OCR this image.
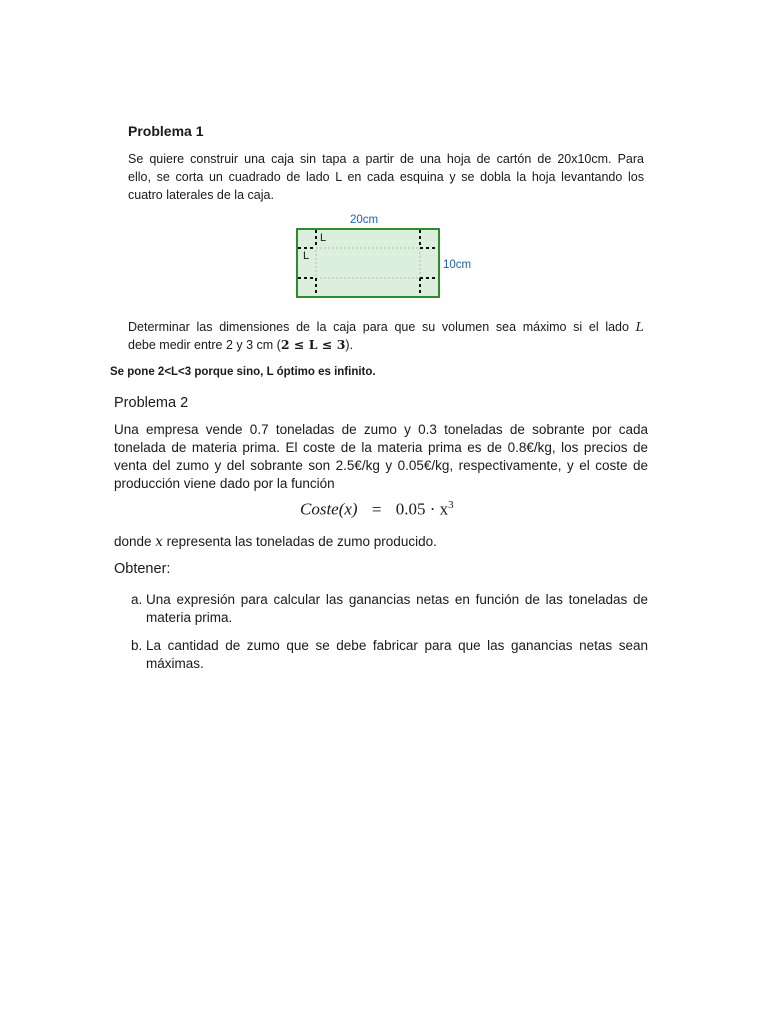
Problema 1
Se quiere construir una caja sin tapa a partir de una hoja de cartón de 20x10cm. Para
ello, se corta un cuadrado de lado L en cada esquina y se dobla la hoja levantando los
cuatro laterales de la caja.
20cm
L
L
10cm
Determinar las dimensiones de la caja para que su volumen sea máximo si el lado L
debe medir entre 2 y 3 cm (2 ≤ L ≤ 3).
Se pone 2<L<3 porque sino, L óptimo es infinito.
Problema 2
Una empresa vende 0.7 toneladas de zumo y 0.3 toneladas de sobrante por cada
tonelada de materia prima. El coste de la materia prima es de 0.8€/kg, los precios de
venta del zumo y del sobrante son 2.5€/kg y 0.05€/kg, respectivamente, y el coste de
producción viene dado por la función
Coste(x) = $0.05 \cdot x^3$
donde x representa las toneladas de zumo producido.
Obtener:
a. Una expresión para calcular las ganancias netas en función de las toneladas de
materia prima.
b. La cantidad de zumo que se debe fabricar para que las ganancias netas sean
máximas.
